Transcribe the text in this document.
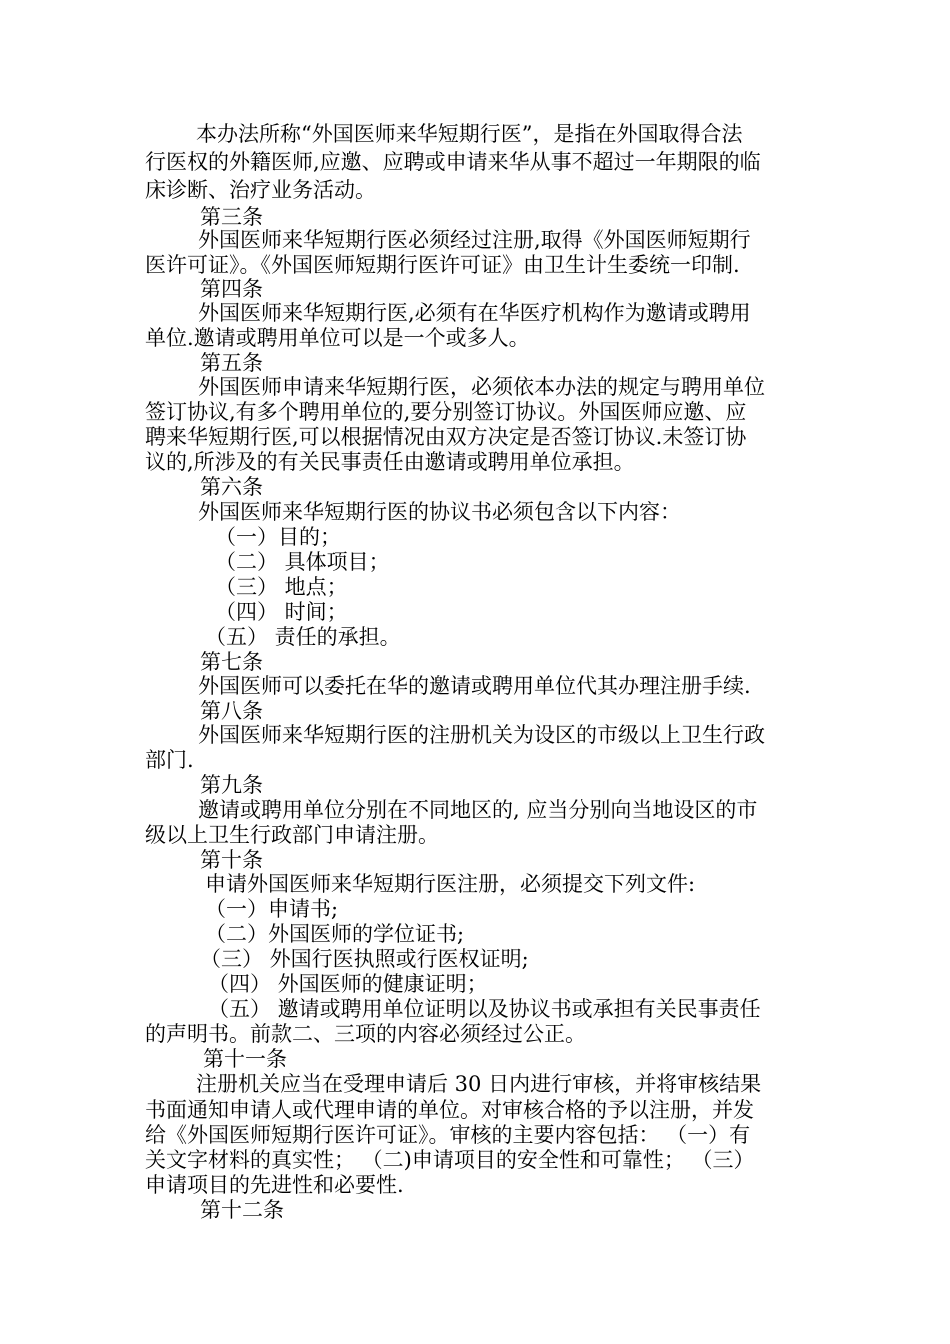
本办法所称“外国医师来华短期行医”，是指在外国取得合法
行医权的外籍医师,应邀、应聘或申请来华从事不超过一年期限的临
床诊断、治疗业务活动。
第三条
外国医师来华短期行医必须经过注册,取得《外国医师短期行
医许可证》。《外国医师短期行医许可证》由卫生计生委统一印制.
第四条
外国医师来华短期行医,必须有在华医疗机构作为邀请或聘用
单位.邀请或聘用单位可以是一个或多人。
第五条
外国医师申请来华短期行医，必须依本办法的规定与聘用单位
签订协议,有多个聘用单位的,要分别签订协议。外国医师应邀、应
聘来华短期行医,可以根据情况由双方决定是否签订协议.未签订协
议的,所涉及的有关民事责任由邀请或聘用单位承担。
第六条
外国医师来华短期行医的协议书必须包含以下内容：
（一）目的；
（二） 具体项目；
（三） 地点；
（四） 时间；
（五） 责任的承担。
第七条
外国医师可以委托在华的邀请或聘用单位代其办理注册手续.
第八条
外国医师来华短期行医的注册机关为设区的市级以上卫生行政
部门.
第九条
邀请或聘用单位分别在不同地区的, 应当分别向当地设区的市
级以上卫生行政部门申请注册。
第十条
申请外国医师来华短期行医注册，必须提交下列文件:
（一）申请书;
（二）外国医师的学位证书;
（三） 外国行医执照或行医权证明;
（四） 外国医师的健康证明；
（五） 邀请或聘用单位证明以及协议书或承担有关民事责任
的声明书。前款二、三项的内容必须经过公正。
第十一条
注册机关应当在受理申请后 30 日内进行审核，并将审核结果
书面通知申请人或代理申请的单位。对审核合格的予以注册，并发
给《外国医师短期行医许可证》。审核的主要内容包括： （一）有
关文字材料的真实性； （二)申请项目的安全性和可靠性； （三）
申请项目的先进性和必要性.
第十二条
